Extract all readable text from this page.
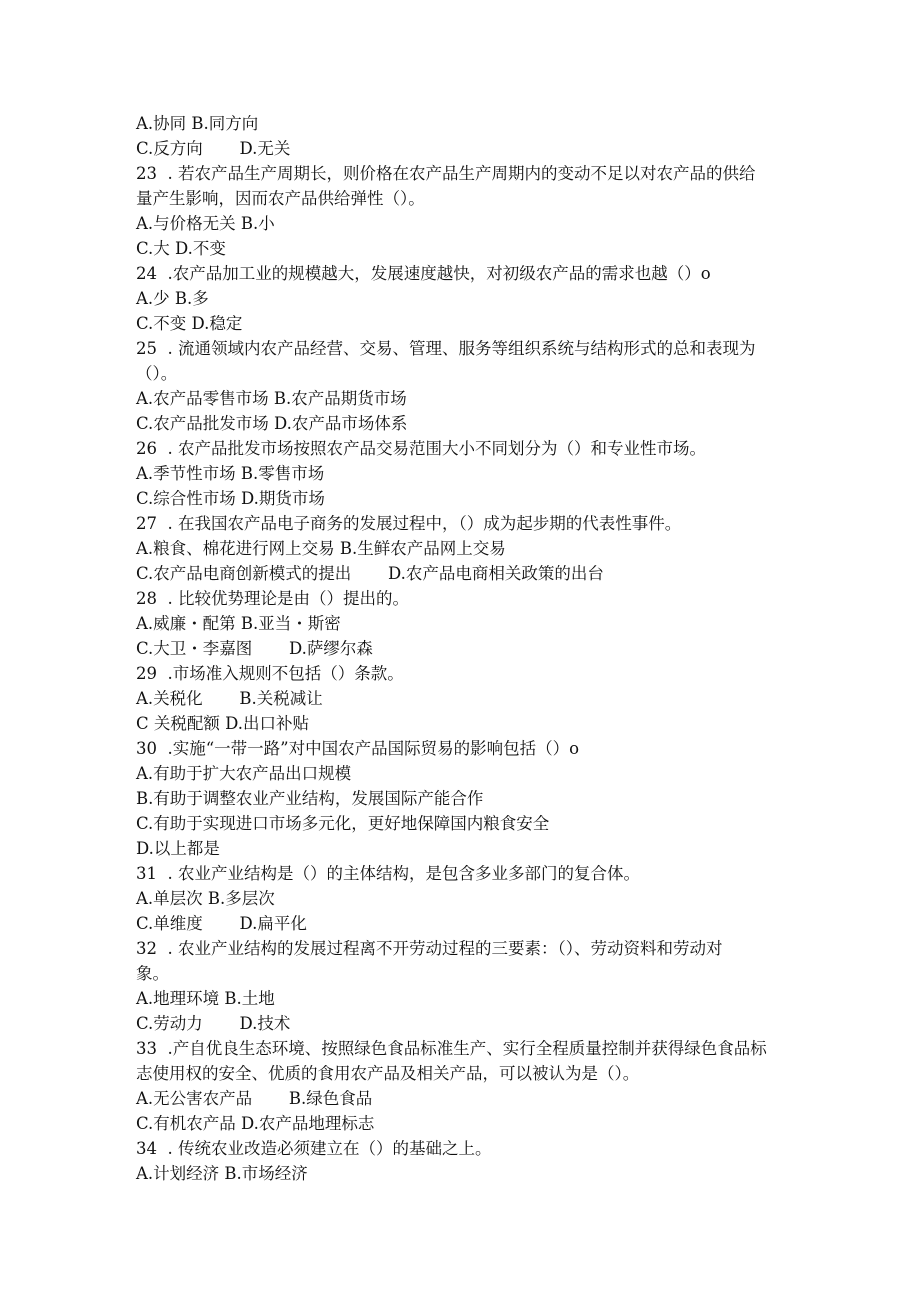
A.协同 B.同方向
C.反方向       D.无关
23  . 若农产品生产周期长，则价格在农产品生产周期内的变动不足以对农产品的供给
量产生影响，因而农产品供给弹性（）。
A.与价格无关 B.小
C.大 D.不变
24  .农产品加工业的规模越大，发展速度越快，对初级农产品的需求也越（）o
A.少 B.多
C.不变 D.稳定
25  . 流通领域内农产品经营、交易、管理、服务等组织系统与结构形式的总和表现为
（）。
A.农产品零售市场 B.农产品期货市场
C.农产品批发市场 D.农产品市场体系
26  . 农产品批发市场按照农产品交易范围大小不同划分为（）和专业性市场。
A.季节性市场 B.零售市场
C.综合性市场 D.期货市场
27  . 在我国农产品电子商务的发展过程中，（）成为起步期的代表性事件。
A.粮食、棉花进行网上交易 B.生鲜农产品网上交易
C.农产品电商创新模式的提出       D.农产品电商相关政策的出台
28  . 比较优势理论是由（）提出的。
A.威廉・配第 B.亚当・斯密
C.大卫・李嘉图       D.萨缪尔森
29  .市场准入规则不包括（）条款。
A.关税化       B.关税减让
C 关税配额 D.出口补贴
30  .实施“一带一路”对中国农产品国际贸易的影响包括（）o
A.有助于扩大农产品出口规模
B.有助于调整农业产业结构，发展国际产能合作
C.有助于实现进口市场多元化，更好地保障国内粮食安全
D.以上都是
31  . 农业产业结构是（）的主体结构，是包含多业多部门的复合体。
A.单层次 B.多层次
C.单维度       D.扁平化
32  . 农业产业结构的发展过程离不开劳动过程的三要素：（）、劳动资料和劳动对
象。
A.地理环境 B.土地
C.劳动力       D.技术
33  .产自优良生态环境、按照绿色食品标准生产、实行全程质量控制并获得绿色食品标
志使用权的安全、优质的食用农产品及相关产品，可以被认为是（）。
A.无公害农产品       B.绿色食品
C.有机农产品 D.农产品地理标志
34  . 传统农业改造必须建立在（）的基础之上。
A.计划经济 B.市场经济
